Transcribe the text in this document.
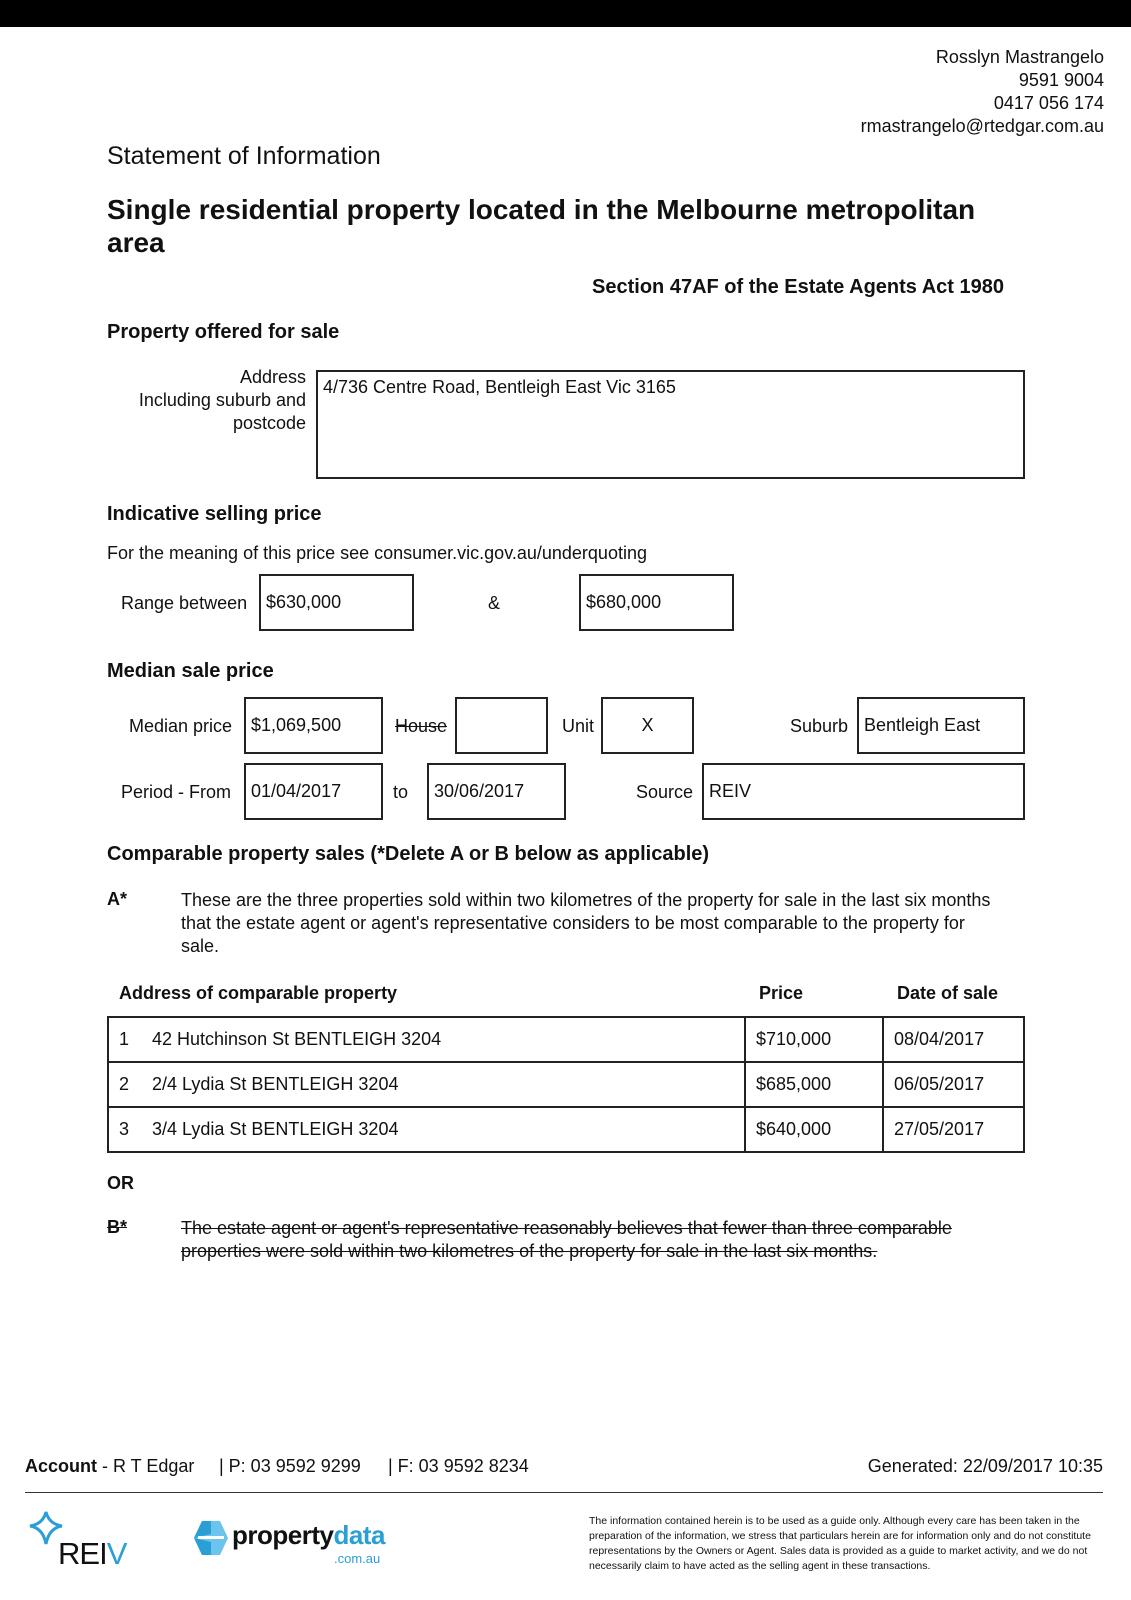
Rosslyn Mastrangelo
9591 9004
0417 056 174
rmastrangelo@rtedgar.com.au
Statement of Information
Single residential property located in the Melbourne metropolitan area
Section 47AF of the Estate Agents Act 1980
Property offered for sale
Address
Including suburb and
postcode
4/736 Centre Road, Bentleigh East Vic 3165
Indicative selling price
For the meaning of this price see consumer.vic.gov.au/underquoting
Range between	$630,000	&	$680,000
Median sale price
Median price	$1,069,500	House	Unit	X	Suburb Bentleigh East
Period - From	01/04/2017	to	30/06/2017	Source REIV
Comparable property sales (*Delete A or B below as applicable)
A*	These are the three properties sold within two kilometres of the property for sale in the last six months that the estate agent or agent's representative considers to be most comparable to the property for sale.
Address of comparable property	Price	Date of sale
1	42 Hutchinson St BENTLEIGH 3204	$710,000	08/04/2017
2	2/4 Lydia St BENTLEIGH 3204	$685,000	06/05/2017
3	3/4 Lydia St BENTLEIGH 3204	$640,000	27/05/2017
OR
B*	The estate agent or agent's representative reasonably believes that fewer than three comparable properties were sold within two kilometres of the property for sale in the last six months.
Account - R T Edgar | P: 03 9592 9299 | F: 03 9592 8234	Generated: 22/09/2017 10:35
REIV
propertydata
.com.au
The information contained herein is to be used as a guide only. Although every care has been taken in the preparation of the information, we stress that particulars herein are for information only and do not constitute representations by the Owners or Agent. Sales data is provided as a guide to market activity, and we do not necessarily claim to have acted as the selling agent in these transactions.
